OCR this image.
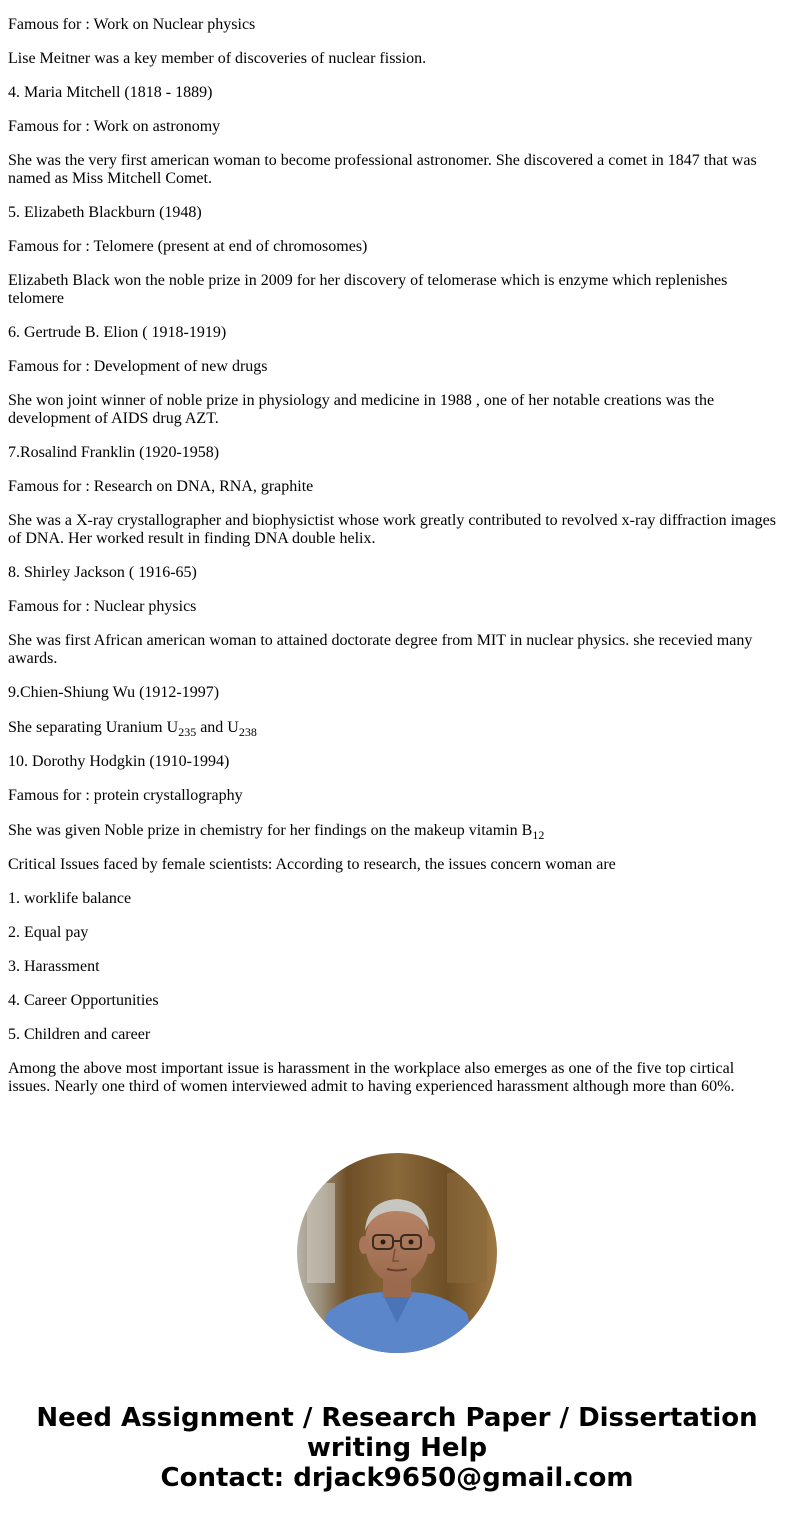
Famous for : Work on Nuclear physics

Lise Meitner was a key member of discoveries of nuclear fission.

4. Maria Mitchell (1818 - 1889)

Famous for : Work on astronomy

She was the very first american woman to become professional astronomer. She discovered a comet in 1847 that was named as Miss Mitchell Comet.

5. Elizabeth Blackburn (1948)

Famous for : Telomere (present at end of chromosomes)

Elizabeth Black won the noble prize in 2009 for her discovery of telomerase which is enzyme which replenishes telomere

6. Gertrude B. Elion ( 1918-1919)

Famous for : Development of new drugs

She won joint winner of noble prize in physiology and medicine in 1988 , one of her notable creations was the development of AIDS drug AZT.

7.Rosalind Franklin (1920-1958)

Famous for : Research on DNA, RNA, graphite

She was a X-ray crystallographer and biophysictist whose work greatly contributed to revolved x-ray diffraction images of DNA. Her worked result in finding DNA double helix.

8. Shirley Jackson ( 1916-65)

Famous for : Nuclear physics

She was first African american woman to attained doctorate degree from MIT in nuclear physics. she recevied many awards.

9.Chien-Shiung Wu (1912-1997)

She separating Uranium $U_{235}$ and $U_{238}$

10. Dorothy Hodgkin (1910-1994)

Famous for : protein crystallography

She was given Noble prize in chemistry for her findings on the makeup vitamin $B_{12}$

Critical Issues faced by female scientists: According to research, the issues concern woman are

1. worklife balance

2. Equal pay

3. Harassment

4. Career Opportunities

5. Children and career

Among the above most important issue is harassment in the workplace also emerges as one of the five top cirtical issues. Nearly one third of women interviewed admit to having experienced harassment although more than 60%.

Need Assignment / Research Paper / Dissertation
writing Help
Contact: drjack9650@gmail.com
